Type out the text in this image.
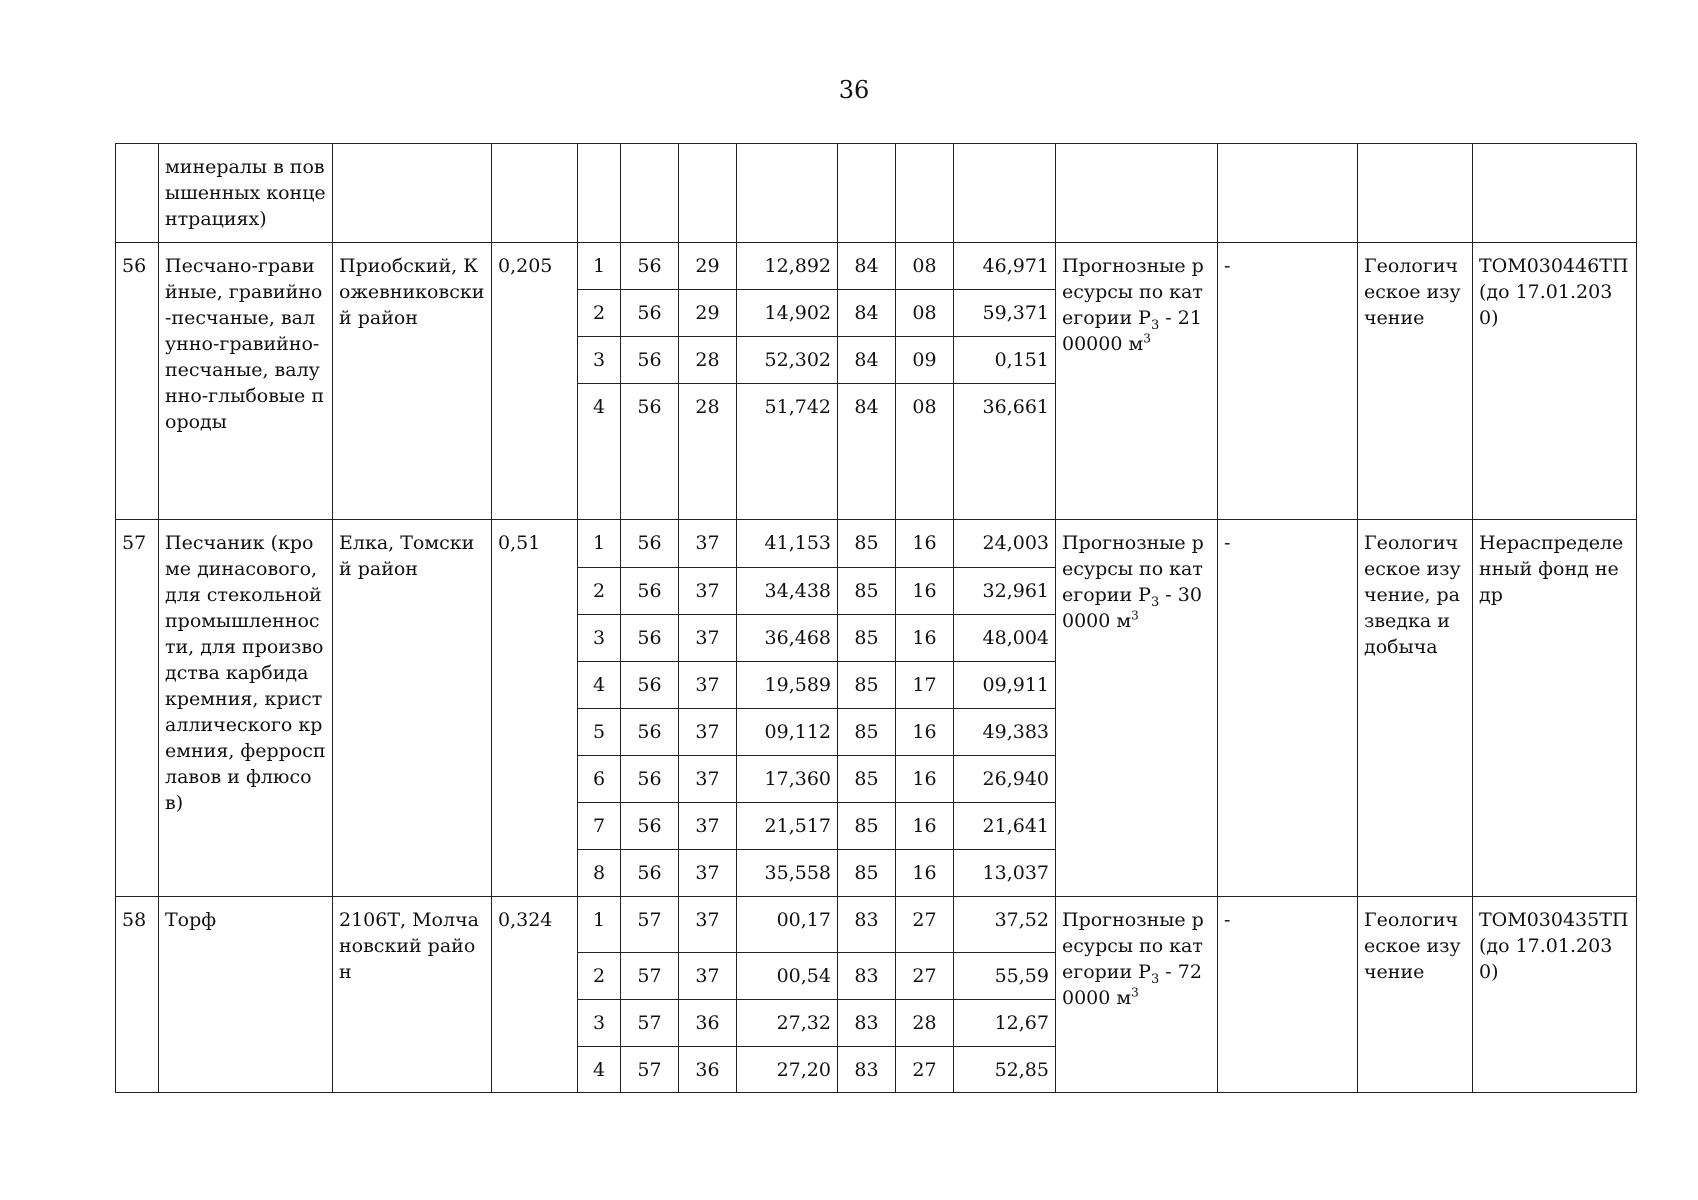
36
	минералы в повышенных концентрациях)													
56	Песчано-гравийные, гравийно-песчаные, валунно-гравийно-песчаные, валунно-глыбовые породы	Приобский, Кожевниковский район	0,205	1	56	29	12,892	84	08	46,971	Прогнозные ресурсы по категории $Р_3 - 2100000$ $м^3$	-	Геологическое изучение	ТОМ030446ТП (до 17.01.2030)
				2	56	29	14,902	84	08	59,371				
				3	56	28	52,302	84	09	0,151				
				4	56	28	51,742	84	08	36,661				
57	Песчаник (кроме динасового, для стекольной промышленности, для производства карбида кремния, кристаллического кремния, ферросплавов и флюсов)	Елка, Томский район	0,51	1	56	37	41,153	85	16	24,003	Прогнозные ресурсы по категории $Р_3 - 300000$ $м^3$	-	Геологическое изучение, разведка и добыча	Нераспределенный фонд недр
				2	56	37	34,438	85	16	32,961				
				3	56	37	36,468	85	16	48,004				
				4	56	37	19,589	85	17	09,911				
				5	56	37	09,112	85	16	49,383				
				6	56	37	17,360	85	16	26,940				
				7	56	37	21,517	85	16	21,641				
				8	56	37	35,558	85	16	13,037				
58	Торф	2106Т, Молчановский район	0,324	1	57	37	00,17	83	27	37,52	Прогнозные ресурсы по категории $Р_3 - 720000$ $м^3$	-	Геологическое изучение	ТОМ030435ТП (до 17.01.2030)
				2	57	37	00,54	83	27	55,59				
				3	57	36	27,32	83	28	12,67				
				4	57	36	27,20	83	27	52,85				
